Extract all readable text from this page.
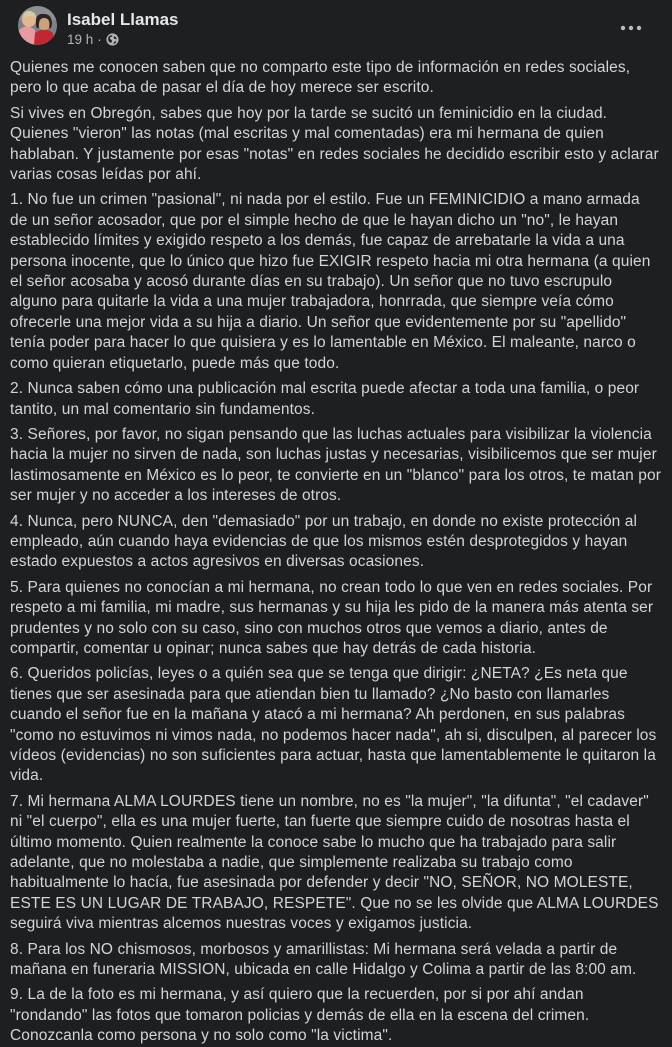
Isabel Llamas
19 h ·

Quienes me conocen saben que no comparto este tipo de información en redes sociales, pero lo que acaba de pasar el día de hoy merece ser escrito.

Si vives en Obregón, sabes que hoy por la tarde se sucitó un feminicidio en la ciudad. Quienes "vieron" las notas (mal escritas y mal comentadas) era mi hermana de quien hablaban. Y justamente por esas "notas" en redes sociales he decidido escribir esto y aclarar varias cosas leídas por ahí.

1. No fue un crimen "pasional", ni nada por el estilo. Fue un FEMINICIDIO a mano armada de un señor acosador, que por el simple hecho de que le hayan dicho un "no", le hayan establecido límites y exigido respeto a los demás, fue capaz de arrebatarle la vida a una persona inocente, que lo único que hizo fue EXIGIR respeto hacia mi otra hermana (a quien el señor acosaba y acosó durante días en su trabajo). Un señor que no tuvo escrupulo alguno para quitarle la vida a una mujer trabajadora, honrrada, que siempre veía cómo ofrecerle una mejor vida a su hija a diario. Un señor que evidentemente por su "apellido" tenía poder para hacer lo que quisiera y es lo lamentable en México. El maleante, narco o como quieran etiquetarlo, puede más que todo.

2. Nunca saben cómo una publicación mal escrita puede afectar a toda una familia, o peor tantito, un mal comentario sin fundamentos.

3. Señores, por favor, no sigan pensando que las luchas actuales para visibilizar la violencia hacia la mujer no sirven de nada, son luchas justas y necesarias, visibilicemos que ser mujer lastimosamente en México es lo peor, te convierte en un "blanco" para los otros, te matan por ser mujer y no acceder a los intereses de otros.

4. Nunca, pero NUNCA, den "demasiado" por un trabajo, en donde no existe protección al empleado, aún cuando haya evidencias de que los mismos estén desprotegidos y hayan estado expuestos a actos agresivos en diversas ocasiones.

5. Para quienes no conocían a mi hermana, no crean todo lo que ven en redes sociales. Por respeto a mi familia, mi madre, sus hermanas y su hija les pido de la manera más atenta ser prudentes y no solo con su caso, sino con muchos otros que vemos a diario, antes de compartir, comentar u opinar; nunca sabes que hay detrás de cada historia.

6. Queridos policías, leyes o a quién sea que se tenga que dirigir: ¿NETA? ¿Es neta que tienes que ser asesinada para que atiendan bien tu llamado? ¿No basto con llamarles cuando el señor fue en la mañana y atacó a mi hermana? Ah perdonen, en sus palabras "como no estuvimos ni vimos nada, no podemos hacer nada", ah si, disculpen, al parecer los vídeos (evidencias) no son suficientes para actuar, hasta que lamentablemente le quitaron la vida.

7. Mi hermana ALMA LOURDES tiene un nombre, no es "la mujer", "la difunta", "el cadaver" ni "el cuerpo", ella es una mujer fuerte, tan fuerte que siempre cuido de nosotras hasta el último momento. Quien realmente la conoce sabe lo mucho que ha trabajado para salir adelante, que no molestaba a nadie, que simplemente realizaba su trabajo como habitualmente lo hacía, fue asesinada por defender y decir "NO, SEÑOR, NO MOLESTE, ESTE ES UN LUGAR DE TRABAJO, RESPETE". Que no se les olvide que ALMA LOURDES seguirá viva mientras alcemos nuestras voces y exigamos justicia.

8. Para los NO chismosos, morbosos y amarillistas: Mi hermana será velada a partir de mañana en funeraria MISSION, ubicada en calle Hidalgo y Colima a partir de las 8:00 am.

9. La de la foto es mi hermana, y así quiero que la recuerden, por si por ahí andan "rondando" las fotos que tomaron policias y demás de ella en la escena del crimen. Conozcanla como persona y no solo como "la victima".
